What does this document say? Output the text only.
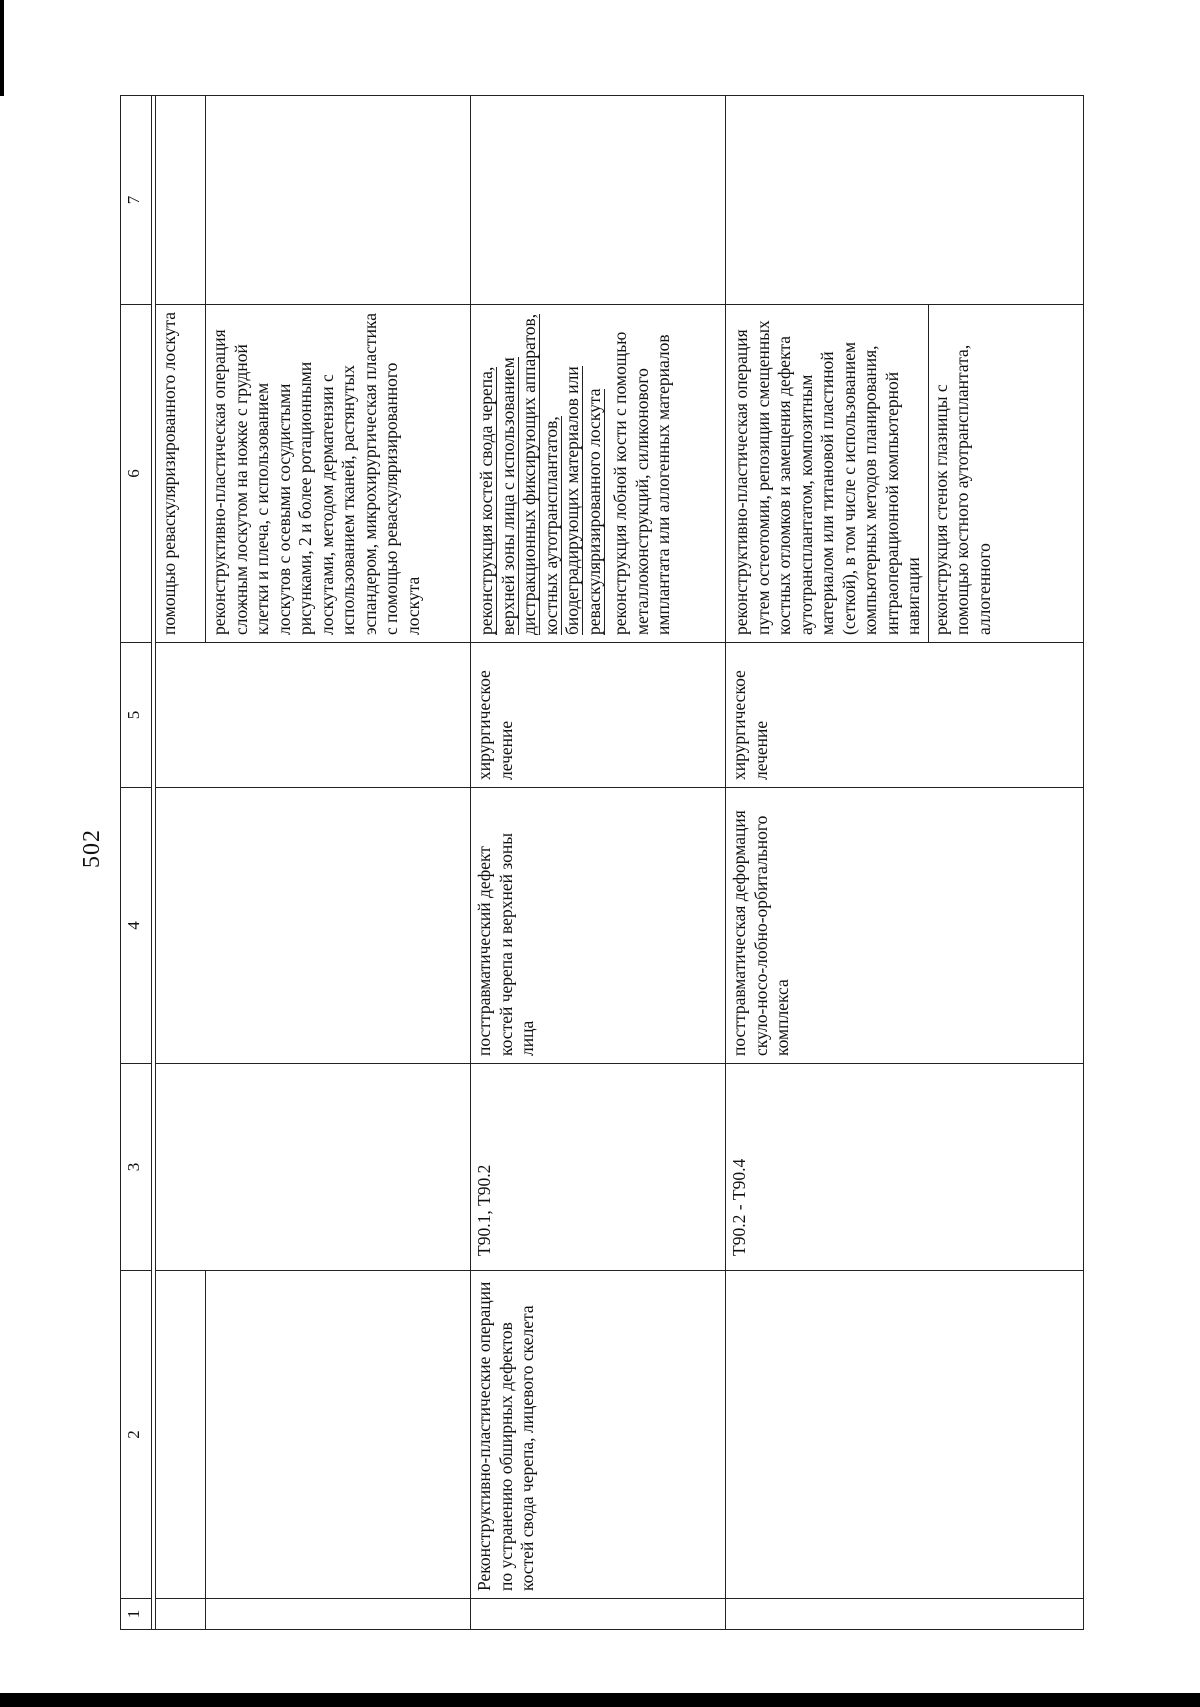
502
1	2	3	4	5	6	7

					помощью реваскуляризированного лоскута	

					реконструктивно-пластическая операция сложным лоскутом на ножке с грудной клетки и плеча, с использованием лоскутов с осевыми сосудистыми рисунками, 2 и более ротационными лоскутами, методом дерматензии с использованием тканей, растянутых эспандером, микрохирургическая пластика с помощью реваскуляризированного лоскута	

	Реконструктивно-пластические операции по устранению обширных дефектов костей свода черепа, лицевого скелета	Т90.1, Т90.2	посттравматический дефект костей черепа и верхней зоны лица	хирургическое лечение	реконструкция костей свода черепа, верхней зоны лица с использованием дистракционных фиксирующих аппаратов, костных аутотрансплантатов, биодеградирующих материалов или реваскуляризированного лоскута реконструкция лобной кости с помощью металлоконструкций, силиконового имплантата или аллогенных материалов	

		Т90.2 - Т90.4	посттравматическая деформация скуло-носо-лобно-орбитального комплекса	хирургическое лечение	реконструктивно-пластическая операция путем остеотомии, репозиции смещенных костных отломков и замещения дефекта аутотрансплантатом, композитным материалом или титановой пластиной (сеткой), в том числе с использованием компьютерных методов планирования, интраоперационной компьютерной навигации реконструкция стенок глазницы с помощью костного аутотрансплантата, аллогенного	
